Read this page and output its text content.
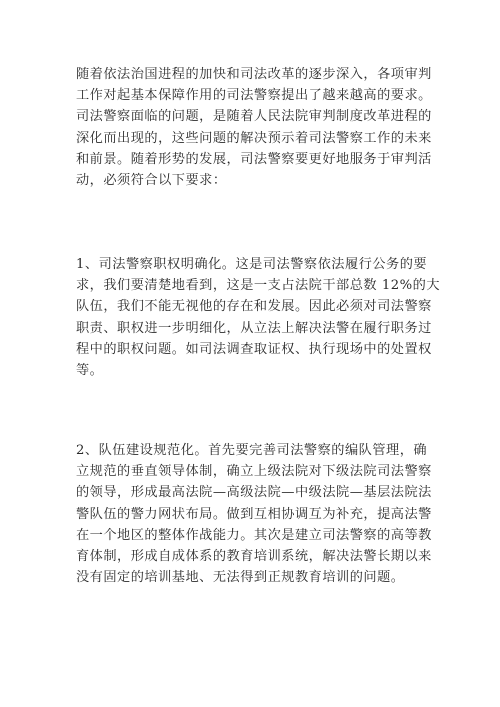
随着依法治国进程的加快和司法改革的逐步深入，各项审判
工作对起基本保障作用的司法警察提出了越来越高的要求。
司法警察面临的问题，是随着人民法院审判制度改革进程的
深化而出现的，这些问题的解决预示着司法警察工作的未来
和前景。随着形势的发展，司法警察要更好地服务于审判活
动，必须符合以下要求：

1、司法警察职权明确化。这是司法警察依法履行公务的要
求，我们要清楚地看到，这是一支占法院干部总数 12%的大
队伍，我们不能无视他的存在和发展。因此必须对司法警察
职责、职权进一步明细化，从立法上解决法警在履行职务过
程中的职权问题。如司法调查取证权、执行现场中的处置权
等。

2、队伍建设规范化。首先要完善司法警察的编队管理，确
立规范的垂直领导体制，确立上级法院对下级法院司法警察
的领导，形成最高法院—高级法院—中级法院—基层法院法
警队伍的警力网状布局。做到互相协调互为补充，提高法警
在一个地区的整体作战能力。其次是建立司法警察的高等教
育体制，形成自成体系的教育培训系统，解决法警长期以来
没有固定的培训基地、无法得到正规教育培训的问题。
